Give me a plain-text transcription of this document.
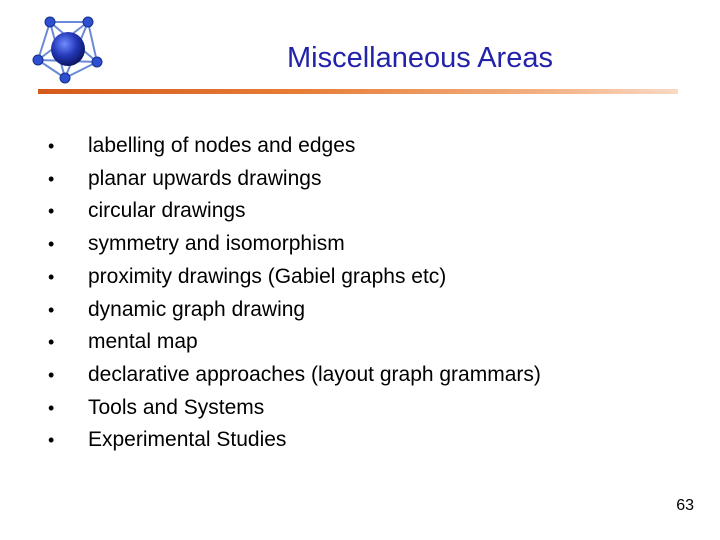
Miscellaneous Areas
•	labelling of nodes and edges
•	planar upwards drawings
•	circular drawings
•	symmetry and isomorphism
•	proximity drawings (Gabiel graphs etc)
•	dynamic graph drawing
•	mental map
•	declarative approaches (layout graph grammars)
•	Tools and Systems
•	Experimental Studies
63
